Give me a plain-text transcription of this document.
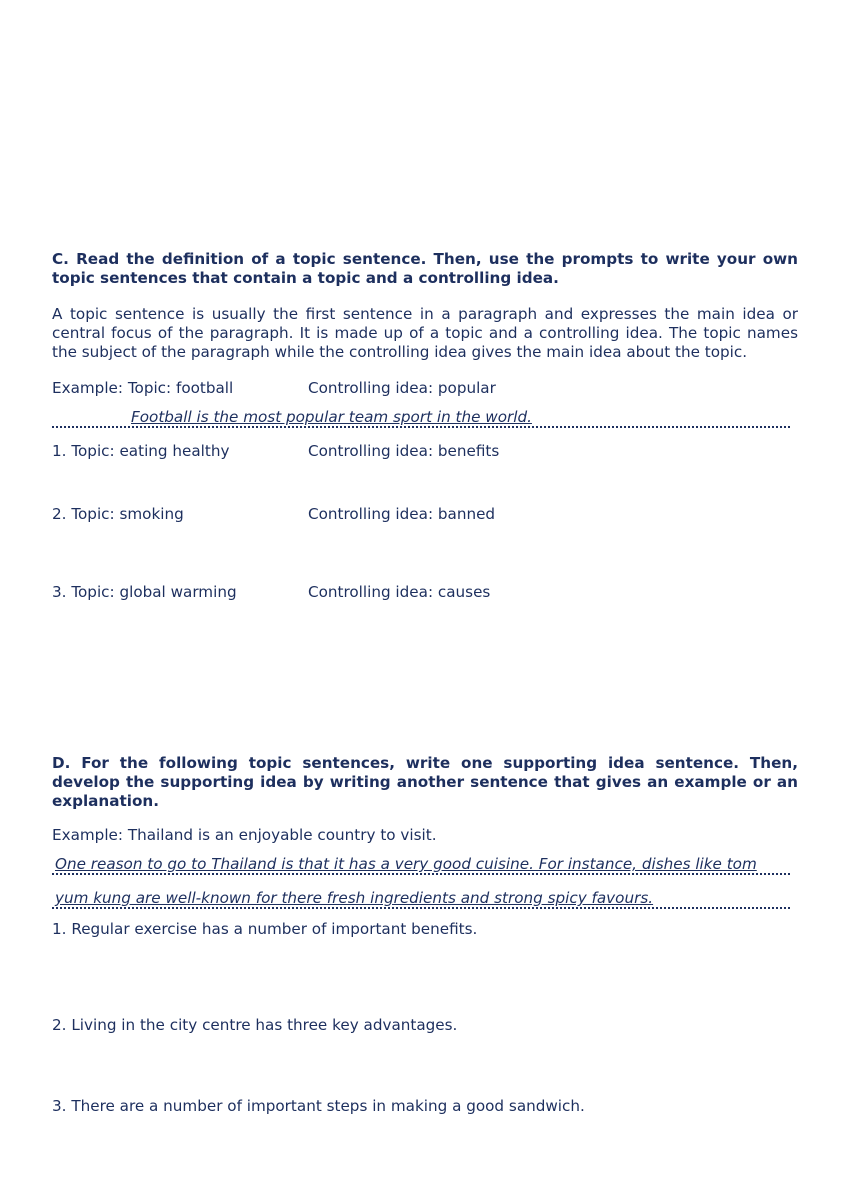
C. Read the definition of a topic sentence. Then, use the prompts to write your own topic sentences that contain a topic and a controlling idea.
A topic sentence is usually the first sentence in a paragraph and expresses the main idea or central focus of the paragraph. It is made up of a topic and a controlling idea. The topic names the subject of the paragraph while the controlling idea gives the main idea about the topic.
Example: Topic: football	Controlling idea: popular
Football is the most popular team sport in the world.
1. Topic: eating healthy	Controlling idea: benefits
2. Topic: smoking	Controlling idea: banned
3. Topic: global warming	Controlling idea: causes
D. For the following topic sentences, write one supporting idea sentence. Then, develop the supporting idea by writing another sentence that gives an example or an explanation.
Example: Thailand is an enjoyable country to visit.
One reason to go to Thailand is that it has a very good cuisine. For instance, dishes like tom
yum kung are well-known for there fresh ingredients and strong spicy favours.
1. Regular exercise has a number of important benefits.
2. Living in the city centre has three key advantages.
3. There are a number of important steps in making a good sandwich.
